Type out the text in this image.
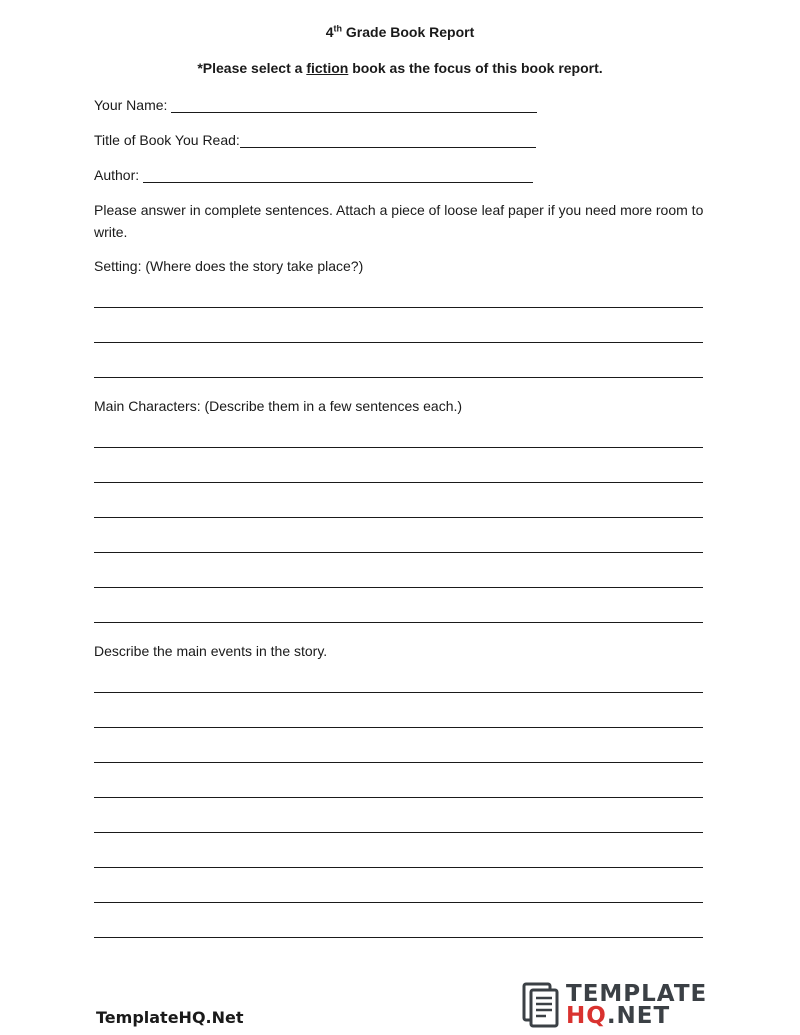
4th Grade Book Report
*Please select a fiction book as the focus of this book report.
Your Name:
Title of Book You Read:
Author:
Please answer in complete sentences. Attach a piece of loose leaf paper if you need more room to write.
Setting: (Where does the story take place?)
Main Characters: (Describe them in a few sentences each.)
Describe the main events in the story.
TemplateHQ.Net
TEMPLATE
HQ.NET
